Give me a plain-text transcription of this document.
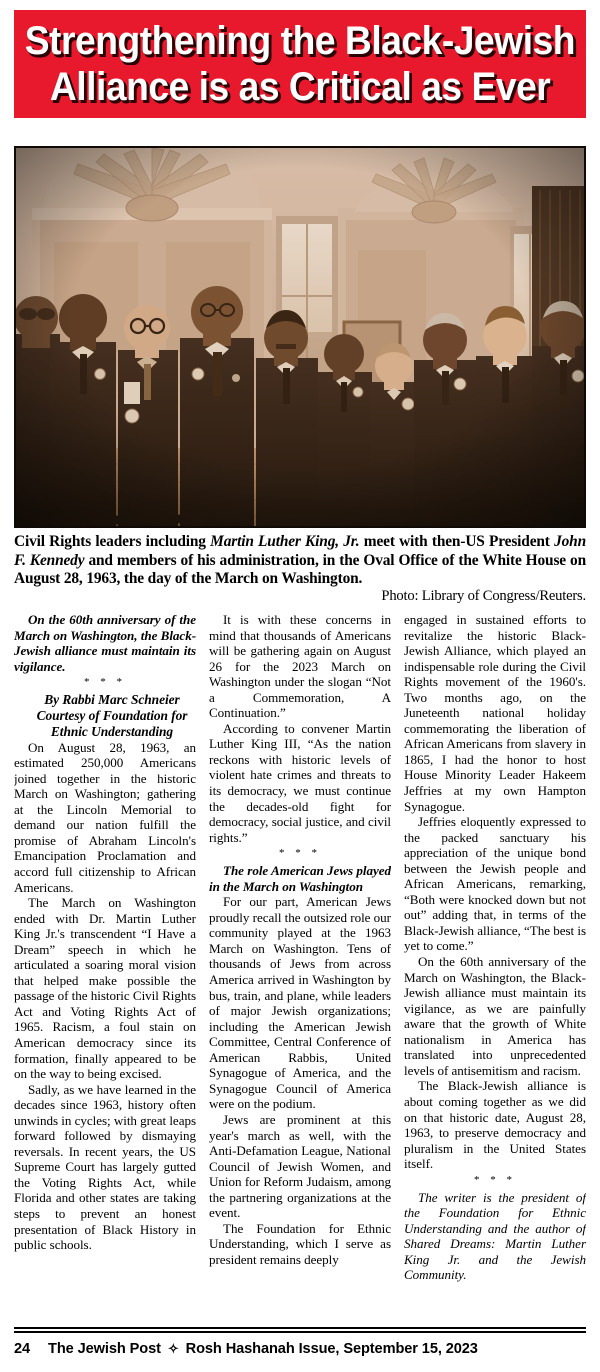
Strengthening the Black-Jewish
Alliance is as Critical as Ever
Civil Rights leaders including Martin Luther King, Jr. meet with then-US President John F. Kennedy and members of his administration, in the Oval Office of the White House on August 28, 1963, the day of the March on Washington.
Photo: Library of Congress/Reuters.

On the 60th anniversary of the March on Washington, the Black-Jewish alliance must maintain its vigilance.

* * *

By Rabbi Marc Schneier

Courtesy of Foundation for

Ethnic Understanding

On August 28, 1963, an estimated 250,000 Americans joined together in the historic March on Washington; gathering at the Lincoln Memorial to demand our nation fulfill the promise of Abraham Lincoln's Emancipation Proclamation and accord full citizenship to African Americans.

The March on Washington ended with Dr. Martin Luther King Jr.'s transcendent “I Have a Dream” speech in which he articulated a soaring moral vision that helped make possible the passage of the historic Civil Rights Act and Voting Rights Act of 1965. Racism, a foul stain on American democracy since its formation, finally appeared to be on the way to being excised.

Sadly, as we have learned in the decades since 1963, history often unwinds in cycles; with great leaps forward followed by dismaying reversals. In recent years, the US Supreme Court has largely gutted the Voting Rights Act, while Florida and other states are taking steps to prevent an honest presentation of Black History in public schools.

It is with these concerns in mind that thousands of Americans will be gathering again on August 26 for the 2023 March on Washington under the slogan “Not a Commemoration, A Continuation.”

According to convener Martin Luther King III, “As the nation reckons with historic levels of violent hate crimes and threats to its democracy, we must continue the decades-old fight for democracy, social justice, and civil rights.”

* * *

The role American Jews played in the March on Washington

For our part, American Jews proudly recall the outsized role our community played at the 1963 March on Washington. Tens of thousands of Jews from across America arrived in Washington by bus, train, and plane, while leaders of major Jewish organizations; including the American Jewish Committee, Central Conference of American Rabbis, United Synagogue of America, and the Synagogue Council of America were on the podium.

Jews are prominent at this year's march as well, with the Anti-Defamation League, National Council of Jewish Women, and Union for Reform Judaism, among the partnering organizations at the event.

The Foundation for Ethnic Understanding, which I serve as president remains deeply

engaged in sustained efforts to revitalize the historic Black-Jewish Alliance, which played an indispensable role during the Civil Rights movement of the 1960's. Two months ago, on the Juneteenth national holiday commemorating the liberation of African Americans from slavery in 1865, I had the honor to host House Minority Leader Hakeem Jeffries at my own Hampton Synagogue.

Jeffries eloquently expressed to the packed sanctuary his appreciation of the unique bond between the Jewish people and African Americans, remarking, “Both were knocked down but not out” adding that, in terms of the Black-Jewish alliance, “The best is yet to come.”

On the 60th anniversary of the March on Washington, the Black-Jewish alliance must maintain its vigilance, as we are painfully aware that the growth of White nationalism in America has translated into unprecedented levels of antisemitism and racism.

The Black-Jewish alliance is about coming together as we did on that historic date, August 28, 1963, to preserve democracy and pluralism in the United States itself.

* * *

The writer is the president of the Foundation for Ethnic Understanding and the author of Shared Dreams: Martin Luther King Jr. and the Jewish Community.

24	The Jewish Post ✧ Rosh Hashanah Issue, September 15, 2023
